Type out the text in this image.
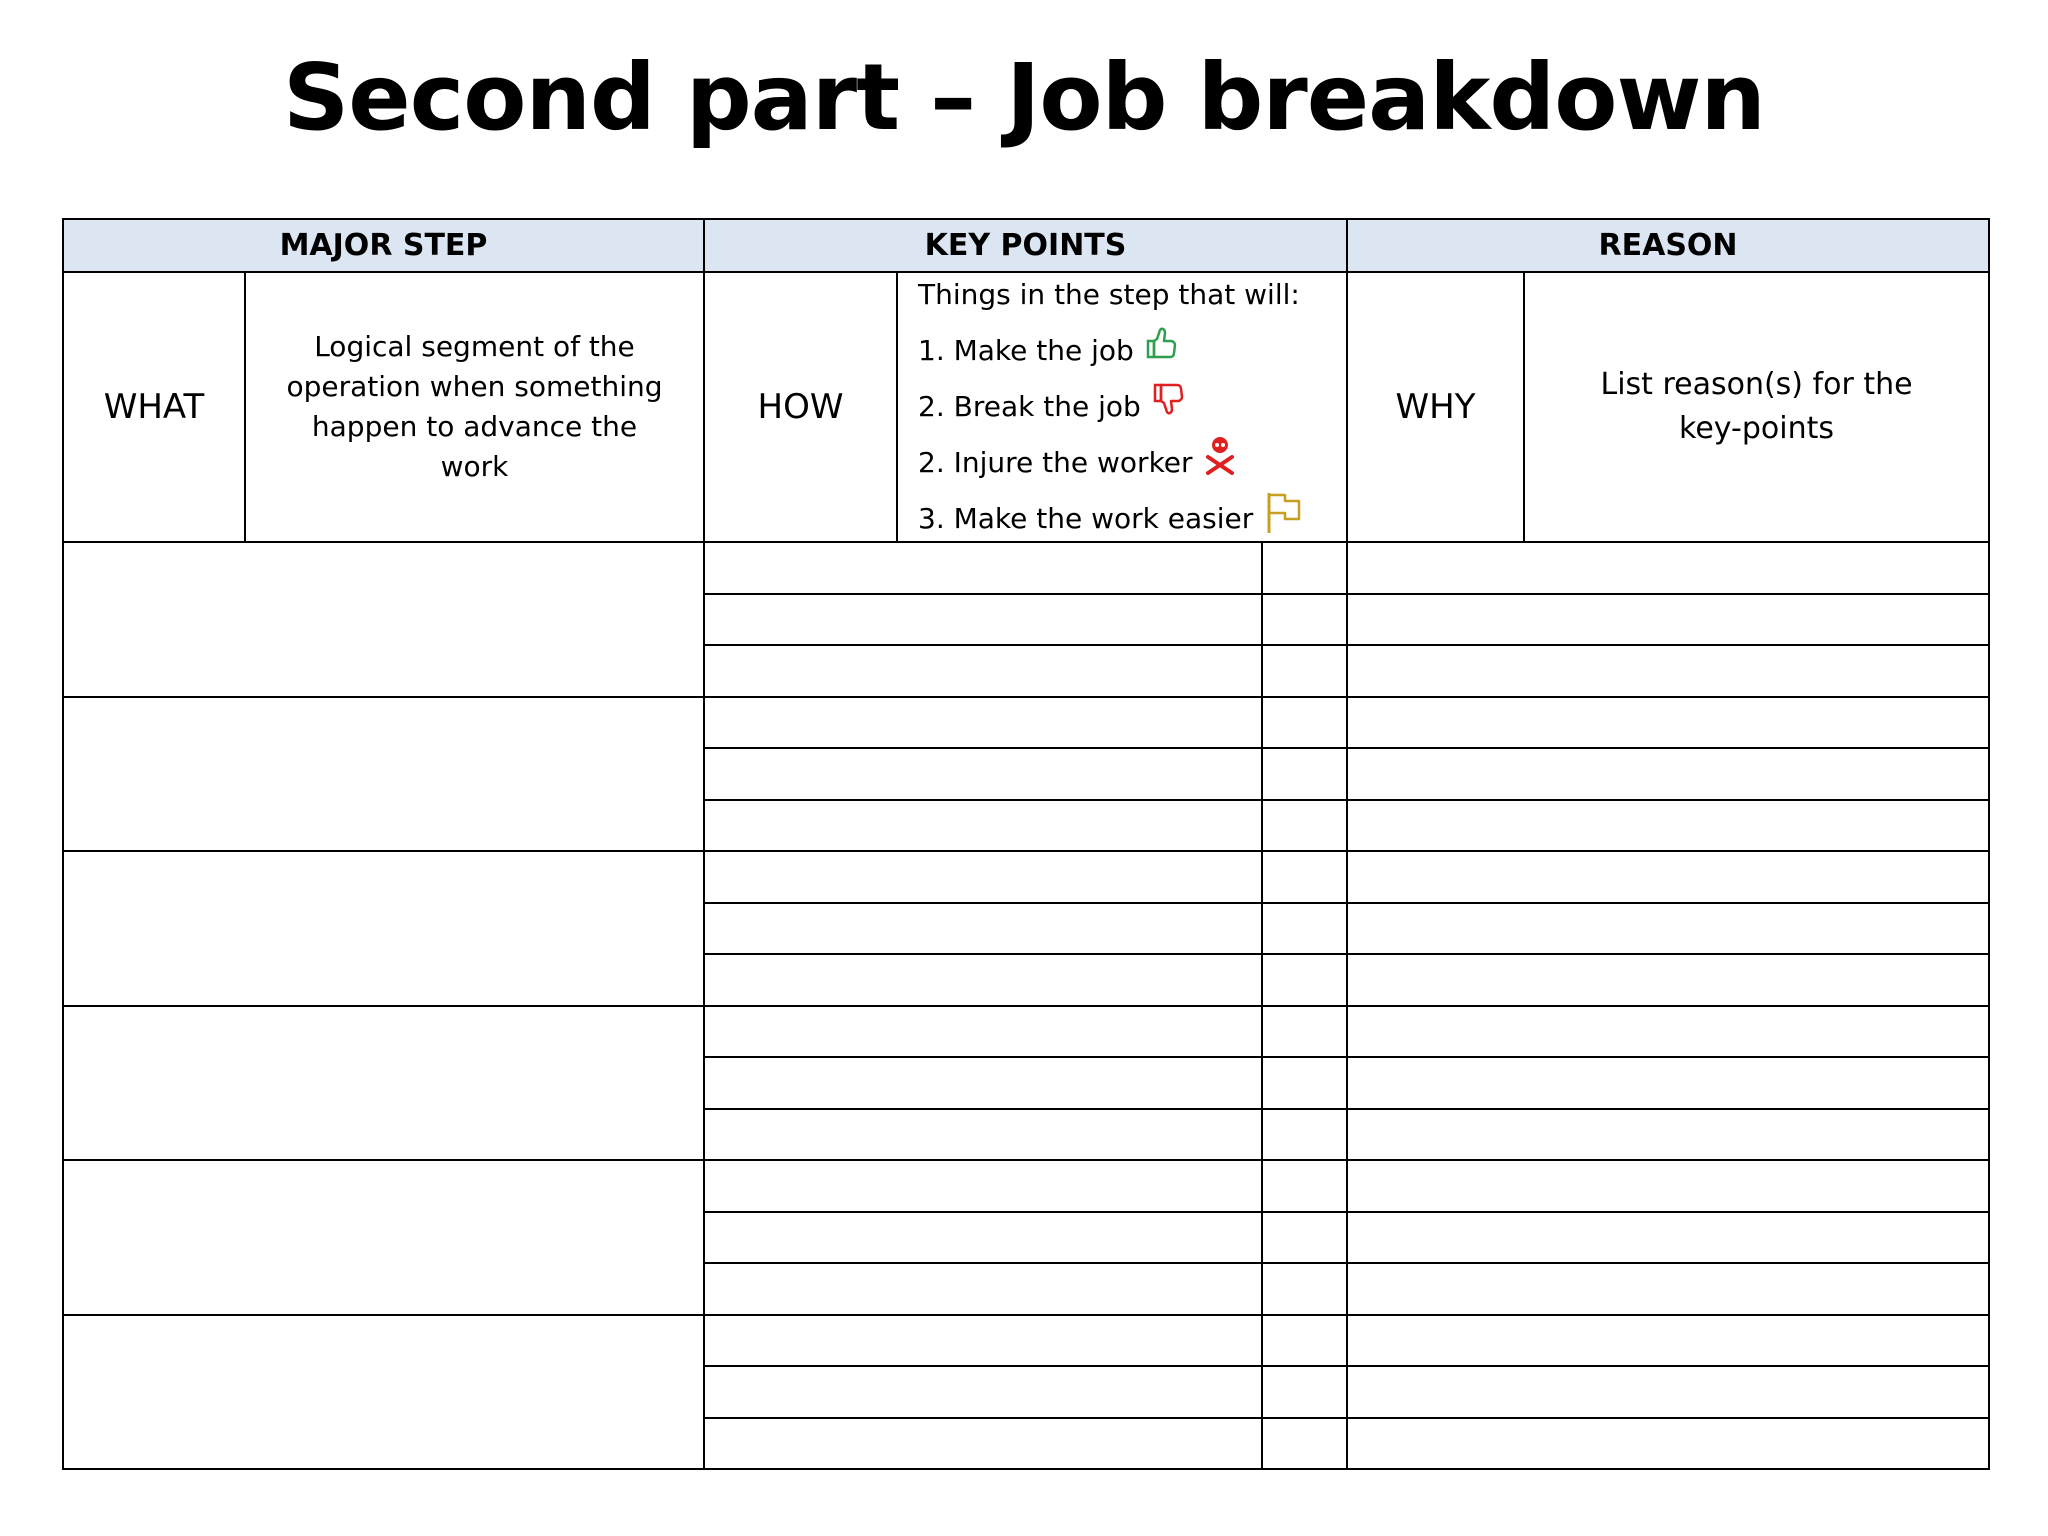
Second part – Job breakdown
MAJOR STEP		KEY POINTS			REASON	
WHAT	Logical segment of the operation when something happen to advance the work	HOW	Things in the step that will:
1. Make the job
2. Break the job
2. Injure the worker
3. Make the work easier		WHY	List reason(s) for the key-points
